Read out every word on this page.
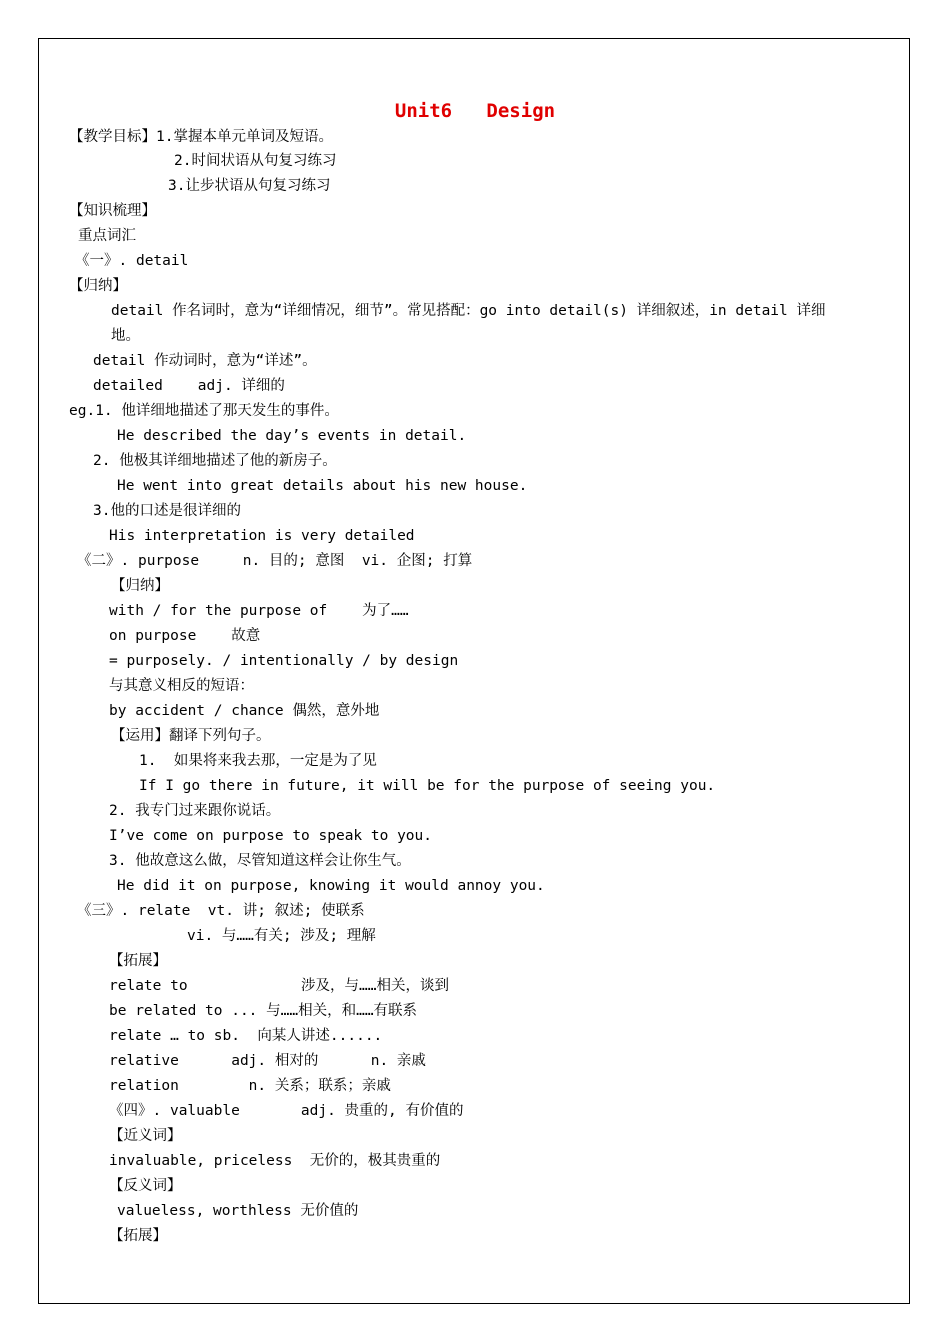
Unit6   Design
【教学目标】1.掌握本单元单词及短语。
2.时间状语从句复习练习
3.让步状语从句复习练习
【知识梳理】
重点词汇
《一》. detail
【归纳】
detail 作名词时，意为“详细情况，细节”。常见搭配：go into detail(s) 详细叙述，in detail 详细
地。
detail 作动词时，意为“详述”。
detailed    adj. 详细的
eg.1. 他详细地描述了那天发生的事件。
He described the day’s events in detail.
2. 他极其详细地描述了他的新房子。
He went into great details about his new house.
3.他的口述是很详细的
His interpretation is very detailed
《二》. purpose     n. 目的; 意图  vi. 企图; 打算
【归纳】
with / for the purpose of    为了……
on purpose    故意
= purposely. / intentionally / by design
与其意义相反的短语：
by accident / chance 偶然，意外地
【运用】翻译下列句子。
1.  如果将来我去那，一定是为了见
If I go there in future, it will be for the purpose of seeing you.
2. 我专门过来跟你说话。
I’ve come on purpose to speak to you.
3. 他故意这么做，尽管知道这样会让你生气。
He did it on purpose, knowing it would annoy you.
《三》. relate  vt. 讲; 叙述; 使联系
vi. 与……有关; 涉及; 理解
【拓展】
relate to             涉及，与……相关，谈到
be related to ... 与……相关，和……有联系
relate … to sb.  向某人讲述......
relative      adj. 相对的      n. 亲戚
relation        n. 关系；联系；亲戚
《四》. valuable       adj. 贵重的, 有价值的
【近义词】
invaluable, priceless  无价的，极其贵重的
【反义词】
valueless, worthless 无价值的
【拓展】
